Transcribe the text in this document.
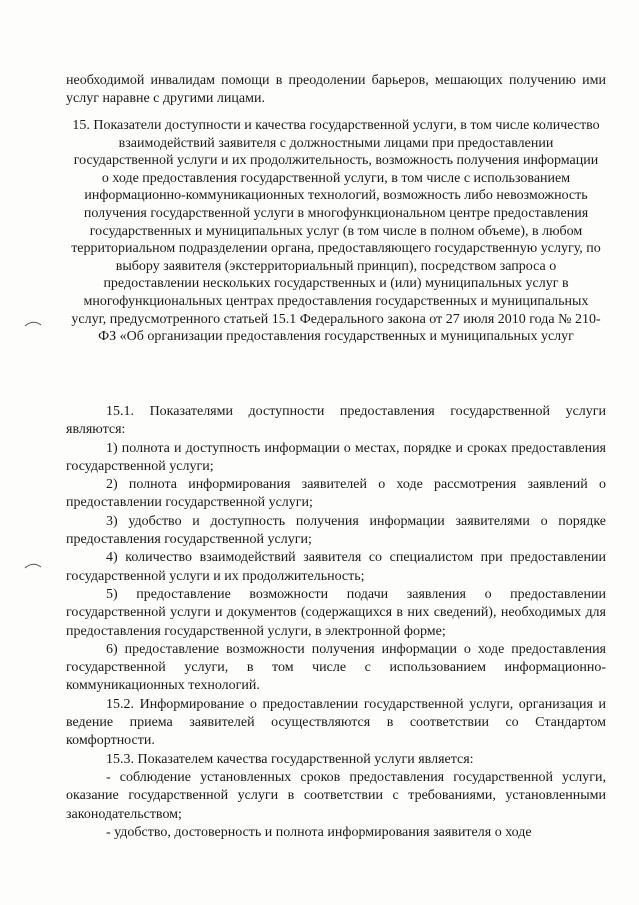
необходимой инвалидам помощи в преодолении барьеров, мешающих получению ими услуг наравне с другими лицами.

15. Показатели доступности и качества государственной услуги, в том числе количество взаимодействий заявителя с должностными лицами при предоставлении государственной услуги и их продолжительность, возможность получения информации о ходе предоставления государственной услуги, в том числе с использованием информационно-коммуникационных технологий, возможность либо невозможность получения государственной услуги в многофункциональном центре предоставления государственных и муниципальных услуг (в том числе в полном объеме), в любом территориальном подразделении органа, предоставляющего государственную услугу, по выбору заявителя (экстерриториальный принцип), посредством запроса о предоставлении нескольких государственных и (или) муниципальных услуг в многофункциональных центрах предоставления государственных и муниципальных услуг, предусмотренного статьей 15.1 Федерального закона от 27 июля 2010 года № 210-ФЗ «Об организации предоставления государственных и муниципальных услуг

15.1. Показателями доступности предоставления государственной услуги являются:

1) полнота и доступность информации о местах, порядке и сроках предоставления государственной услуги;

2) полнота информирования заявителей о ходе рассмотрения заявлений о предоставлении государственной услуги;

3) удобство и доступность получения информации заявителями о порядке предоставления государственной услуги;

4) количество взаимодействий заявителя со специалистом при предоставлении государственной услуги и их продолжительность;

5) предоставление возможности подачи заявления о предоставлении государственной услуги и документов (содержащихся в них сведений), необходимых для предоставления государственной услуги, в электронной форме;

6) предоставление возможности получения информации о ходе предоставления государственной услуги, в том числе с использованием информационно-коммуникационных технологий.

15.2. Информирование о предоставлении государственной услуги, организация и ведение приема заявителей осуществляются в соответствии со Стандартом комфортности.

15.3. Показателем качества государственной услуги является:

- соблюдение установленных сроков предоставления государственной услуги, оказание государственной услуги в соответствии с требованиями, установленными законодательством;

- удобство, достоверность и полнота информирования заявителя о ходе
